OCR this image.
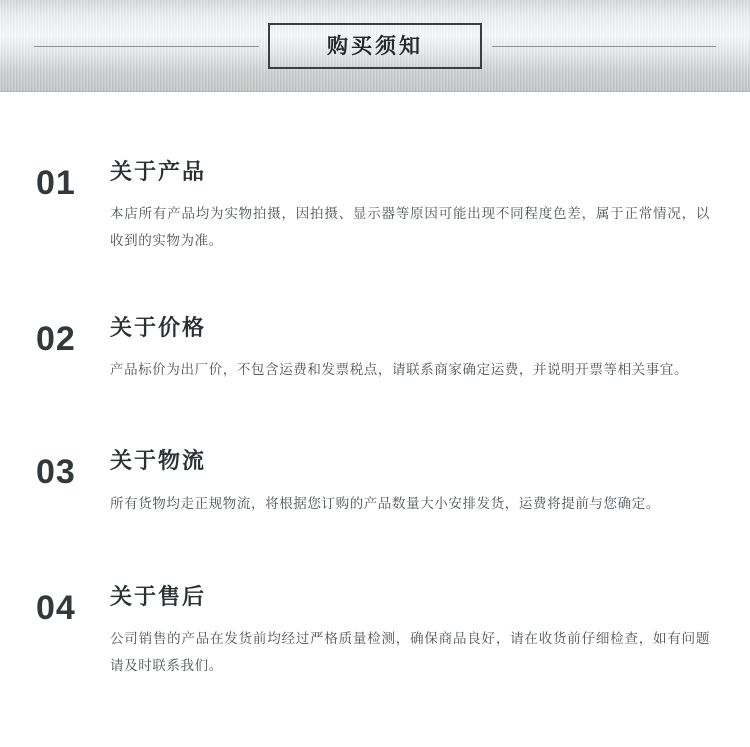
购买须知
01	关于产品

本店所有产品均为实物拍摄，因拍摄、显示器等原因可能出现不同程度色差，属于正常情况，以收到的实物为准。

02	关于价格

产品标价为出厂价，不包含运费和发票税点，请联系商家确定运费，并说明开票等相关事宜。

03	关于物流

所有货物均走正规物流，将根据您订购的产品数量大小安排发货，运费将提前与您确定。

04	关于售后

公司销售的产品在发货前均经过严格质量检测，确保商品良好，请在收货前仔细检查，如有问题请及时联系我们。
